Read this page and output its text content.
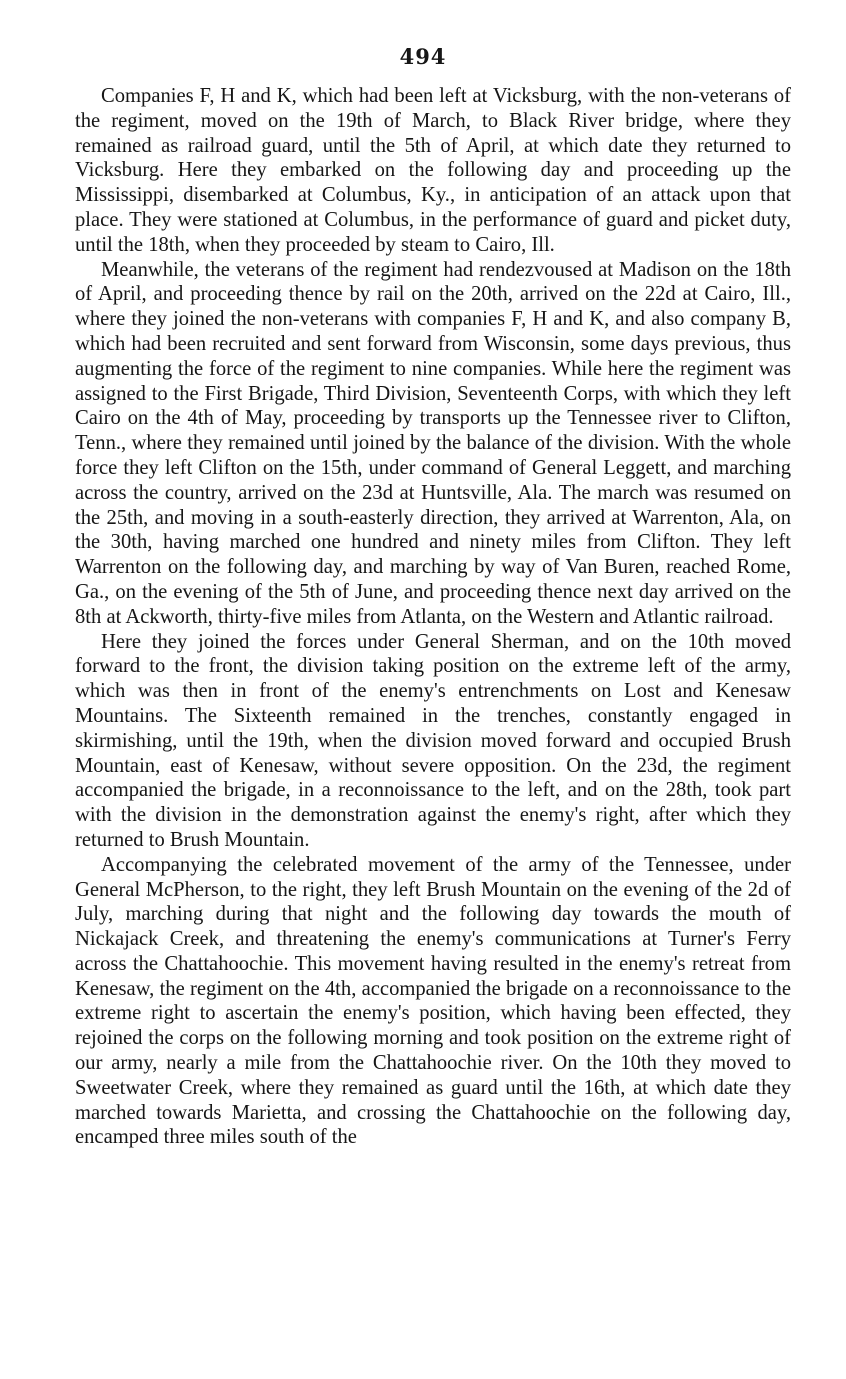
494

Companies F, H and K, which had been left at Vicksburg, with the non-veterans of the regiment, moved on the 19th of March, to Black River bridge, where they remained as railroad guard, until the 5th of April, at which date they returned to Vicksburg. Here they embarked on the following day and proceeding up the Mississippi, disembarked at Columbus, Ky., in anticipation of an attack upon that place. They were stationed at Columbus, in the performance of guard and picket duty, until the 18th, when they proceeded by steam to Cairo, Ill.

Meanwhile, the veterans of the regiment had rendezvoused at Madison on the 18th of April, and proceeding thence by rail on the 20th, arrived on the 22d at Cairo, Ill., where they joined the non-veterans with companies F, H and K, and also company B, which had been recruited and sent forward from Wisconsin, some days previous, thus augmenting the force of the regiment to nine companies. While here the regiment was assigned to the First Brigade, Third Division, Seventeenth Corps, with which they left Cairo on the 4th of May, proceeding by transports up the Tennessee river to Clifton, Tenn., where they remained until joined by the balance of the division. With the whole force they left Clifton on the 15th, under command of General Leggett, and marching across the country, arrived on the 23d at Huntsville, Ala. The march was resumed on the 25th, and moving in a south-easterly direction, they arrived at Warrenton, Ala, on the 30th, having marched one hundred and ninety miles from Clifton. They left Warrenton on the following day, and marching by way of Van Buren, reached Rome, Ga., on the evening of the 5th of June, and proceeding thence next day arrived on the 8th at Ackworth, thirty-five miles from Atlanta, on the Western and Atlantic railroad.

Here they joined the forces under General Sherman, and on the 10th moved forward to the front, the division taking position on the extreme left of the army, which was then in front of the enemy's entrenchments on Lost and Kenesaw Mountains. The Sixteenth remained in the trenches, constantly engaged in skirmishing, until the 19th, when the division moved forward and occupied Brush Mountain, east of Kenesaw, without severe opposition. On the 23d, the regiment accompanied the brigade, in a reconnoissance to the left, and on the 28th, took part with the division in the demonstration against the enemy's right, after which they returned to Brush Mountain.

Accompanying the celebrated movement of the army of the Tennessee, under General McPherson, to the right, they left Brush Mountain on the evening of the 2d of July, marching during that night and the following day towards the mouth of Nickajack Creek, and threatening the enemy's communications at Turner's Ferry across the Chattahoochie. This movement having resulted in the enemy's retreat from Kenesaw, the regiment on the 4th, accompanied the brigade on a reconnoissance to the extreme right to ascertain the enemy's position, which having been effected, they rejoined the corps on the following morning and took position on the extreme right of our army, nearly a mile from the Chattahoochie river. On the 10th they moved to Sweetwater Creek, where they remained as guard until the 16th, at which date they marched towards Marietta, and crossing the Chattahoochie on the following day, encamped three miles south of the
